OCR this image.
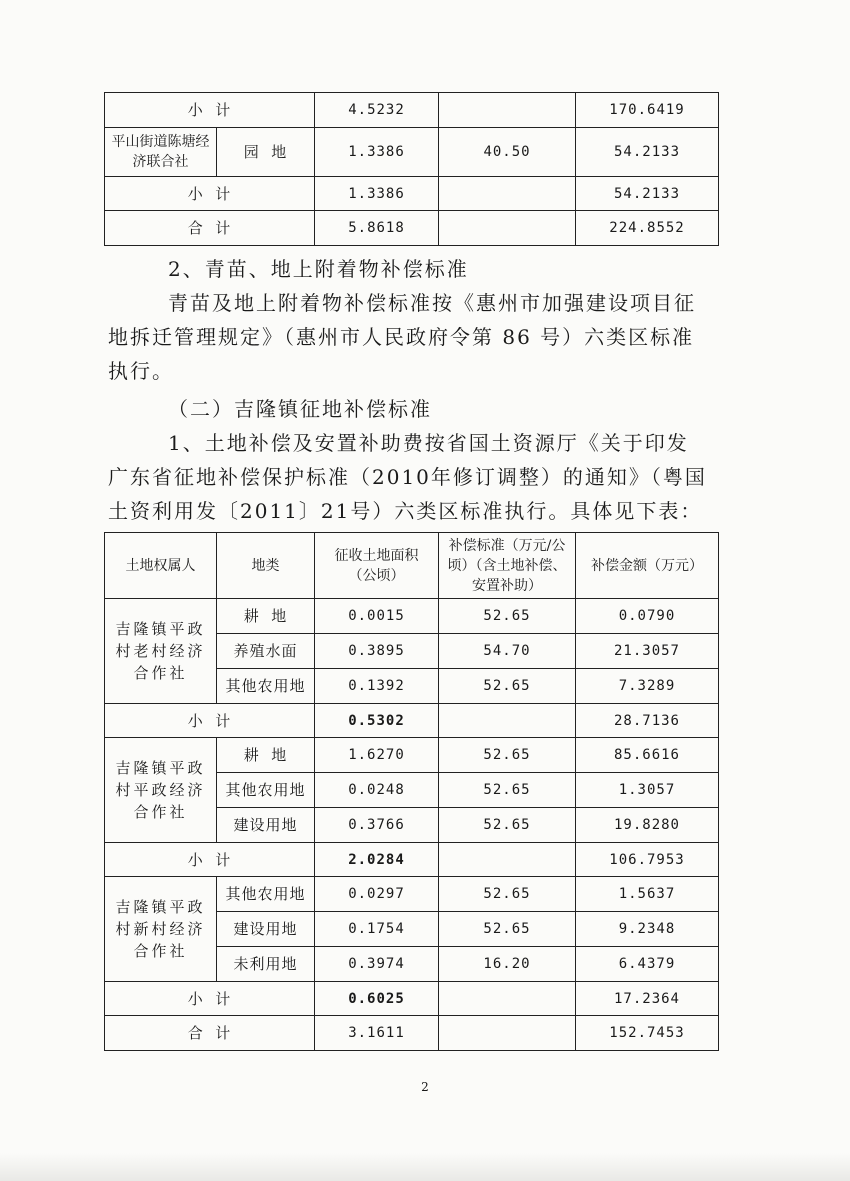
小  计		4.5232		170.6419
平山街道陈塘经济联合社	园  地	1.3386	40.50	54.2133
小  计		1.3386		54.2133
合  计		5.8618		224.8552

2、青苗、地上附着物补偿标准

青苗及地上附着物补偿标准按《惠州市加强建设项目征地拆迁管理规定》（惠州市人民政府令第 86 号）六类区标准执行。

（二）吉隆镇征地补偿标准

1、土地补偿及安置补助费按省国土资源厅《关于印发广东省征地补偿保护标准（2010年修订调整）的通知》（粤国土资利用发〔2011〕21号）六类区标准执行。具体见下表：

土地权属人	地类	征收土地面积（公顷）	补偿标准（万元/公顷）（含土地补偿、安置补助）	补偿金额（万元）
吉隆镇平政村老村经济合作社	耕  地	0.0015	52.65	0.0790
	养殖水面	0.3895	54.70	21.3057
	其他农用地	0.1392	52.65	7.3289
小  计		0.5302		28.7136
吉隆镇平政村平政经济合作社	耕  地	1.6270	52.65	85.6616
	其他农用地	0.0248	52.65	1.3057
	建设用地	0.3766	52.65	19.8280
小  计		2.0284		106.7953
吉隆镇平政村新村经济合作社	其他农用地	0.0297	52.65	1.5637
	建设用地	0.1754	52.65	9.2348
	未利用地	0.3974	16.20	6.4379
小  计		0.6025		17.2364
合  计		3.1611		152.7453
2
